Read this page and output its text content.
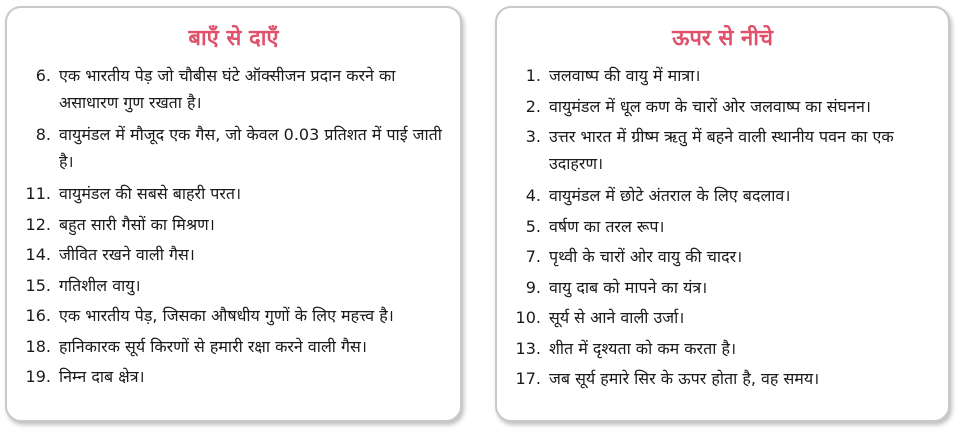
बाएँ से दाएँ
6. एक भारतीय पेड़ जो चौबीस घंटे ऑक्सीजन प्रदान करने का असाधारण गुण रखता है।
8. वायुमंडल में मौजूद एक गैस, जो केवल 0.03 प्रतिशत में पाई जाती है।
11. वायुमंडल की सबसे बाहरी परत।
12. बहुत सारी गैसों का मिश्रण।
14. जीवित रखने वाली गैस।
15. गतिशील वायु।
16. एक भारतीय पेड़, जिसका औषधीय गुणों के लिए महत्त्व है।
18. हानिकारक सूर्य किरणों से हमारी रक्षा करने वाली गैस।
19. निम्न दाब क्षेत्र।
ऊपर से नीचे
1. जलवाष्प की वायु में मात्रा।
2. वायुमंडल में धूल कण के चारों ओर जलवाष्प का संघनन।
3. उत्तर भारत में ग्रीष्म ऋतु में बहने वाली स्थानीय पवन का एक उदाहरण।
4. वायुमंडल में छोटे अंतराल के लिए बदलाव।
5. वर्षण का तरल रूप।
7. पृथ्वी के चारों ओर वायु की चादर।
9. वायु दाब को मापने का यंत्र।
10. सूर्य से आने वाली उर्जा।
13. शीत में दृश्यता को कम करता है।
17. जब सूर्य हमारे सिर के ऊपर होता है, वह समय।
